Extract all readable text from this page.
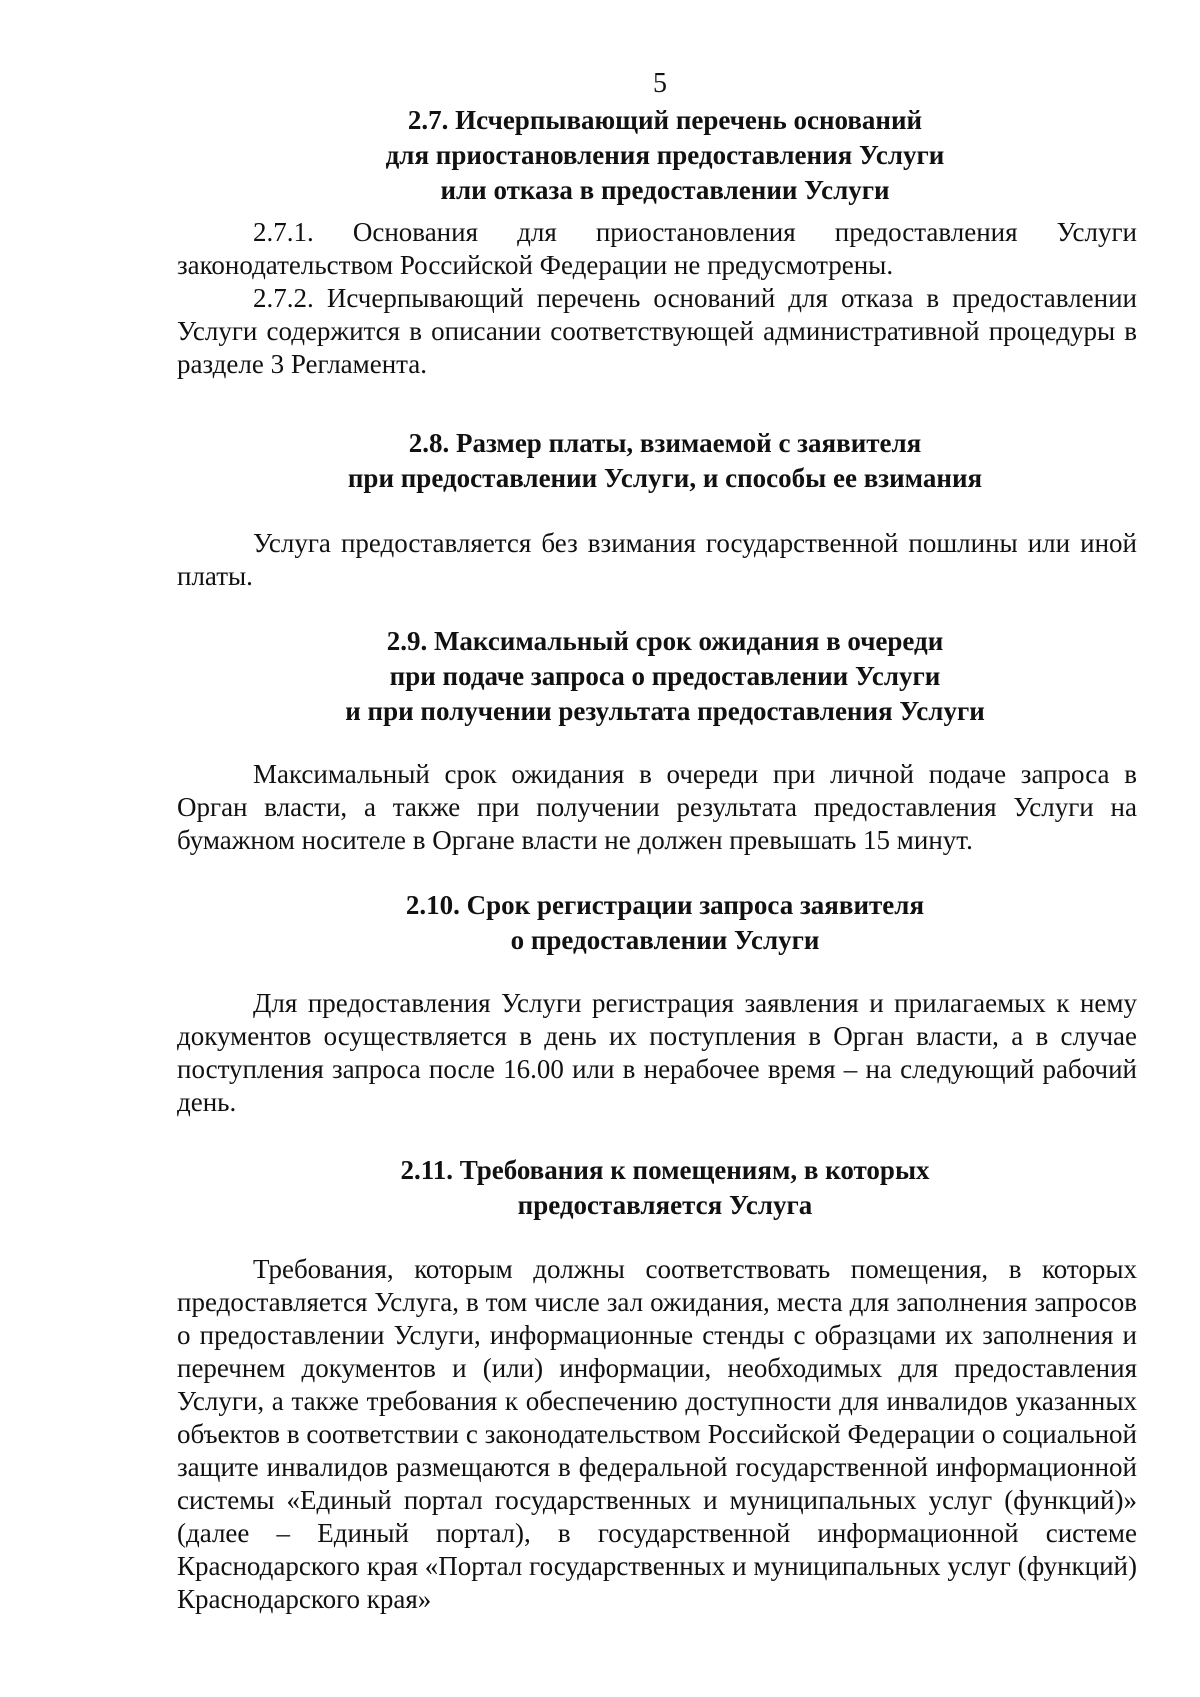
5
2.7. Исчерпывающий перечень оснований
для приостановления предоставления Услуги
или отказа в предоставлении Услуги

2.7.1. Основания для приостановления предоставления Услуги законодательством Российской Федерации не предусмотрены.

2.7.2. Исчерпывающий перечень оснований для отказа в предоставлении Услуги содержится в описании соответствующей административной процедуры в разделе 3 Регламента.

2.8. Размер платы, взимаемой с заявителя
при предоставлении Услуги, и способы ее взимания

Услуга предоставляется без взимания государственной пошлины или иной платы.

2.9. Максимальный срок ожидания в очереди
при подаче запроса о предоставлении Услуги
и при получении результата предоставления Услуги

Максимальный срок ожидания в очереди при личной подаче запроса в Орган власти, а также при получении результата предоставления Услуги на бумажном носителе в Органе власти не должен превышать 15 минут.

2.10. Срок регистрации запроса заявителя
о предоставлении Услуги

Для предоставления Услуги регистрация заявления и прилагаемых к нему документов осуществляется в день их поступления в Орган власти, а в случае поступления запроса после 16.00 или в нерабочее время – на следующий рабочий день.

2.11. Требования к помещениям, в которых
предоставляется Услуга

Требования, которым должны соответствовать помещения, в которых предоставляется Услуга, в том числе зал ожидания, места для заполнения запросов о предоставлении Услуги, информационные стенды с образцами их заполнения и перечнем документов и (или) информации, необходимых для предоставления Услуги, а также требования к обеспечению доступности для инвалидов указанных объектов в соответствии с законодательством Российской Федерации о социальной защите инвалидов размещаются в федеральной государственной информационной системы «Единый портал государственных и муниципальных услуг (функций)» (далее – Единый портал), в государственной информационной системе Краснодарского края «Портал государственных и муниципальных услуг (функций) Краснодарского края»
